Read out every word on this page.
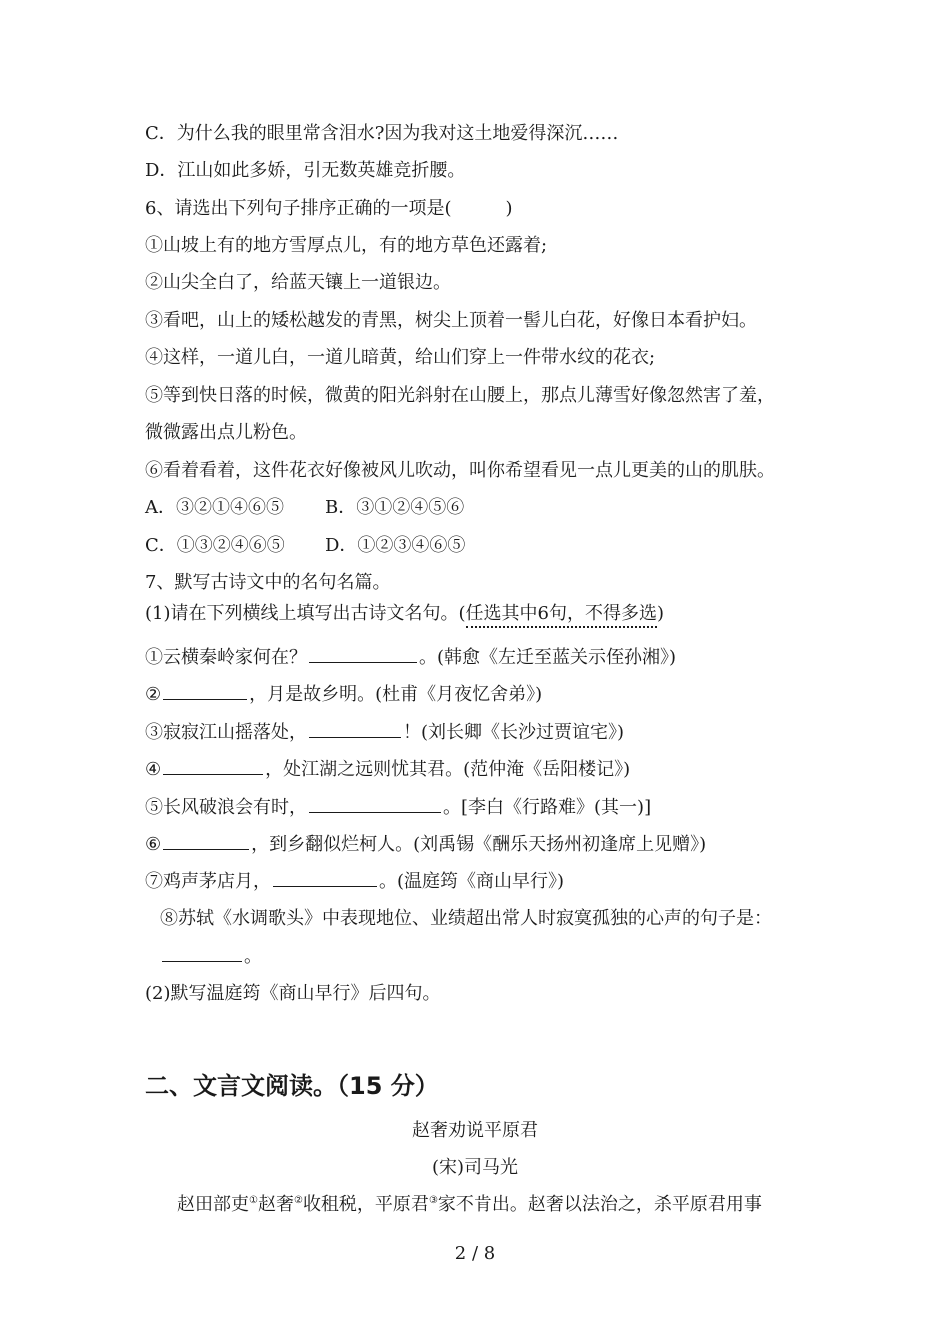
C．为什么我的眼里常含泪水?因为我对这土地爱得深沉……
D．江山如此多娇，引无数英雄竞折腰。
6、请选出下列句子排序正确的一项是(　　　)
①山坡上有的地方雪厚点儿，有的地方草色还露着;
②山尖全白了，给蓝天镶上一道银边。
③看吧，山上的矮松越发的青黑，树尖上顶着一髻儿白花，好像日本看护妇。
④这样，一道儿白，一道儿暗黄，给山们穿上一件带水纹的花衣;
⑤等到快日落的时候，微黄的阳光斜射在山腰上，那点儿薄雪好像忽然害了羞，
微微露出点儿粉色。
⑥看着看着，这件花衣好像被风儿吹动，叫你希望看见一点儿更美的山的肌肤。
A．③②①④⑥⑤ B．③①②④⑤⑥
C．①③②④⑥⑤ D．①②③④⑥⑤
7、默写古诗文中的名句名篇。
(1)请在下列横线上填写出古诗文名句。(任选其中6句，不得多选)
①云横秦岭家何在？	。(韩愈《左迁至蓝关示侄孙湘》)
②	，月是故乡明。(杜甫《月夜忆舍弟》)
③寂寂江山摇落处，	！(刘长卿《长沙过贾谊宅》)
④	，处江湖之远则忧其君。(范仲淹《岳阳楼记》)
⑤长风破浪会有时，	。[李白《行路难》(其一)]
⑥	，到乡翻似烂柯人。(刘禹锡《酬乐天扬州初逢席上见赠》)
⑦鸡声茅店月，	。(温庭筠《商山早行》)
⑧苏轼《水调歌头》中表现地位、业绩超出常人时寂寞孤独的心声的句子是：
。
(2)默写温庭筠《商山早行》后四句。
二、文言文阅读。（15 分）
赵奢劝说平原君
(宋)司马光
赵田部吏①赵奢②收租税，平原君③家不肯出。赵奢以法治之，杀平原君用事
2 / 8
